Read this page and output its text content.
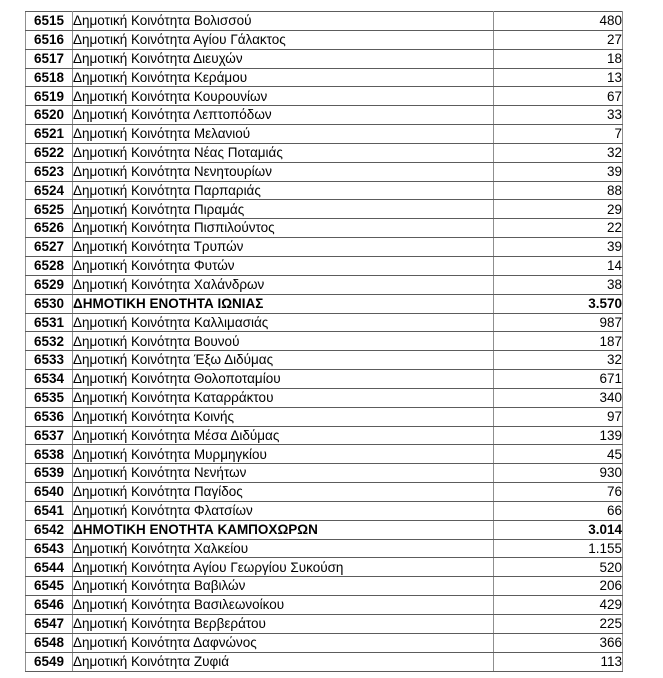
6515	Δημοτική Κοινότητα Βολισσού	480
6516	Δημοτική Κοινότητα Αγίου Γάλακτος	27
6517	Δημοτική Κοινότητα Διευχών	18
6518	Δημοτική Κοινότητα Κεράμου	13
6519	Δημοτική Κοινότητα Κουρουνίων	67
6520	Δημοτική Κοινότητα Λεπτοπόδων	33
6521	Δημοτική Κοινότητα Μελανιού	7
6522	Δημοτική Κοινότητα Νέας Ποταμιάς	32
6523	Δημοτική Κοινότητα Νενητουρίων	39
6524	Δημοτική Κοινότητα Παρπαριάς	88
6525	Δημοτική Κοινότητα Πιραμάς	29
6526	Δημοτική Κοινότητα Πισπιλούντος	22
6527	Δημοτική Κοινότητα Τρυπών	39
6528	Δημοτική Κοινότητα Φυτών	14
6529	Δημοτική Κοινότητα Χαλάνδρων	38
6530	ΔΗΜΟΤΙΚΗ ΕΝΟΤΗΤΑ ΙΩΝΙΑΣ	3.570
6531	Δημοτική Κοινότητα Καλλιμασιάς	987
6532	Δημοτική Κοινότητα Βουνού	187
6533	Δημοτική Κοινότητα Έξω Διδύμας	32
6534	Δημοτική Κοινότητα Θολοποταμίου	671
6535	Δημοτική Κοινότητα Καταρράκτου	340
6536	Δημοτική Κοινότητα Κοινής	97
6537	Δημοτική Κοινότητα Μέσα Διδύμας	139
6538	Δημοτική Κοινότητα Μυρμηγκίου	45
6539	Δημοτική Κοινότητα Νενήτων	930
6540	Δημοτική Κοινότητα Παγίδος	76
6541	Δημοτική Κοινότητα Φλατσίων	66
6542	ΔΗΜΟΤΙΚΗ ΕΝΟΤΗΤΑ ΚΑΜΠΟΧΩΡΩΝ	3.014
6543	Δημοτική Κοινότητα Χαλκείου	1.155
6544	Δημοτική Κοινότητα Αγίου Γεωργίου Συκούση	520
6545	Δημοτική Κοινότητα Βαβιλών	206
6546	Δημοτική Κοινότητα Βασιλεωνοίκου	429
6547	Δημοτική Κοινότητα Βερβεράτου	225
6548	Δημοτική Κοινότητα Δαφνώνος	366
6549	Δημοτική Κοινότητα Ζυφιά	113
